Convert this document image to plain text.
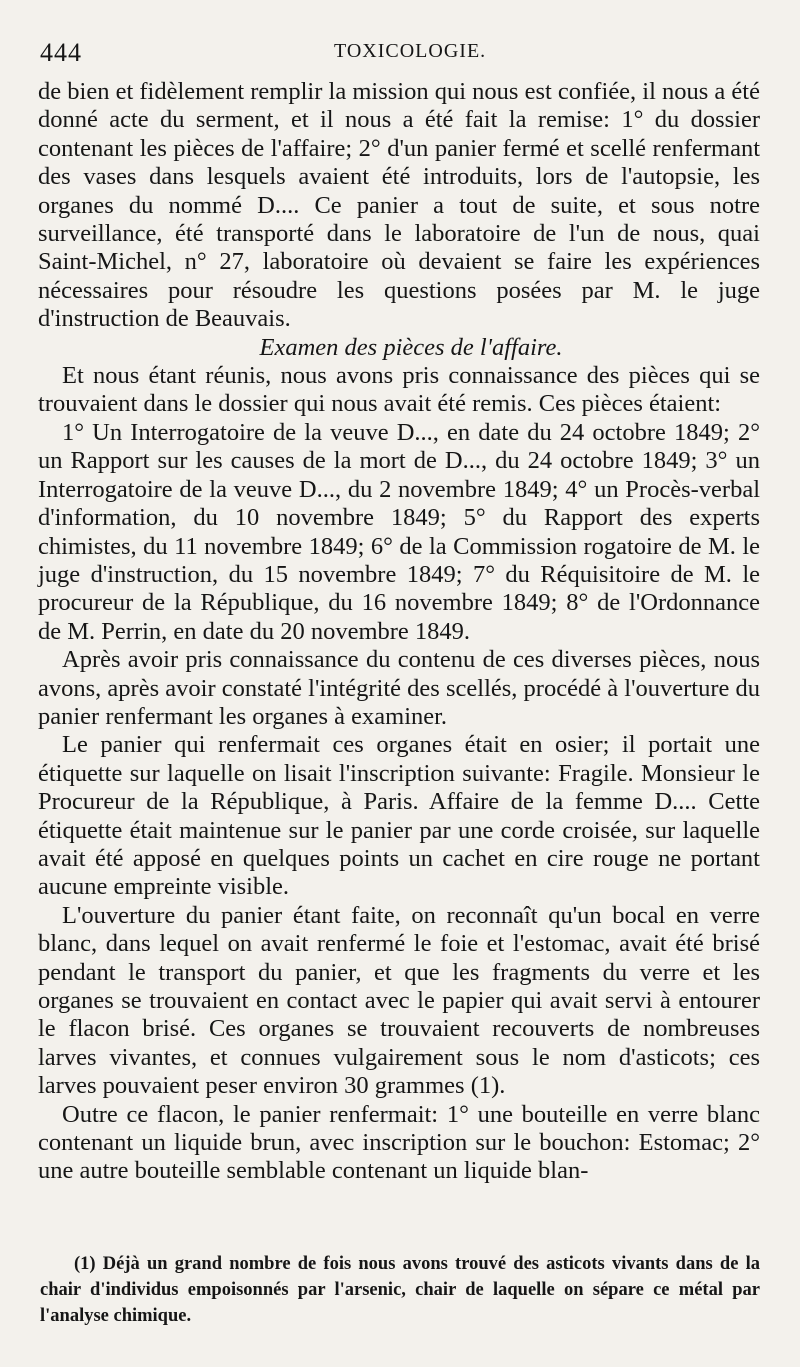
444	TOXICOLOGIE.

de bien et fidèlement remplir la mission qui nous est confiée, il nous a été donné acte du serment, et il nous a été fait la remise: 1° du dossier contenant les pièces de l'affaire; 2° d'un panier fermé et scellé renfermant des vases dans lesquels avaient été introduits, lors de l'autopsie, les organes du nommé D.... Ce panier a tout de suite, et sous notre surveillance, été transporté dans le laboratoire de l'un de nous, quai Saint-Michel, n° 27, laboratoire où devaient se faire les expériences nécessaires pour résoudre les questions posées par M. le juge d'instruction de Beauvais.

Examen des pièces de l'affaire.

Et nous étant réunis, nous avons pris connaissance des pièces qui se trouvaient dans le dossier qui nous avait été remis. Ces pièces étaient:

1° Un Interrogatoire de la veuve D..., en date du 24 octobre 1849; 2° un Rapport sur les causes de la mort de D..., du 24 octobre 1849; 3° un Interrogatoire de la veuve D..., du 2 novembre 1849; 4° un Procès-verbal d'information, du 10 novembre 1849; 5° du Rapport des experts chimistes, du 11 novembre 1849; 6° de la Commission rogatoire de M. le juge d'instruction, du 15 novembre 1849; 7° du Réquisitoire de M. le procureur de la République, du 16 novembre 1849; 8° de l'Ordonnance de M. Perrin, en date du 20 novembre 1849.

Après avoir pris connaissance du contenu de ces diverses pièces, nous avons, après avoir constaté l'intégrité des scellés, procédé à l'ouverture du panier renfermant les organes à examiner.

Le panier qui renfermait ces organes était en osier; il portait une étiquette sur laquelle on lisait l'inscription suivante: Fragile. Monsieur le Procureur de la République, à Paris. Affaire de la femme D.... Cette étiquette était maintenue sur le panier par une corde croisée, sur laquelle avait été apposé en quelques points un cachet en cire rouge ne portant aucune empreinte visible.

L'ouverture du panier étant faite, on reconnaît qu'un bocal en verre blanc, dans lequel on avait renfermé le foie et l'estomac, avait été brisé pendant le transport du panier, et que les fragments du verre et les organes se trouvaient en contact avec le papier qui avait servi à entourer le flacon brisé. Ces organes se trouvaient recouverts de nombreuses larves vivantes, et connues vulgairement sous le nom d'asticots; ces larves pouvaient peser environ 30 grammes (1).

Outre ce flacon, le panier renfermait: 1° une bouteille en verre blanc contenant un liquide brun, avec inscription sur le bouchon: Estomac; 2° une autre bouteille semblable contenant un liquide blan-

(1) Déjà un grand nombre de fois nous avons trouvé des asticots vivants dans de la chair d'individus empoisonnés par l'arsenic, chair de laquelle on sépare ce métal par l'analyse chimique.
